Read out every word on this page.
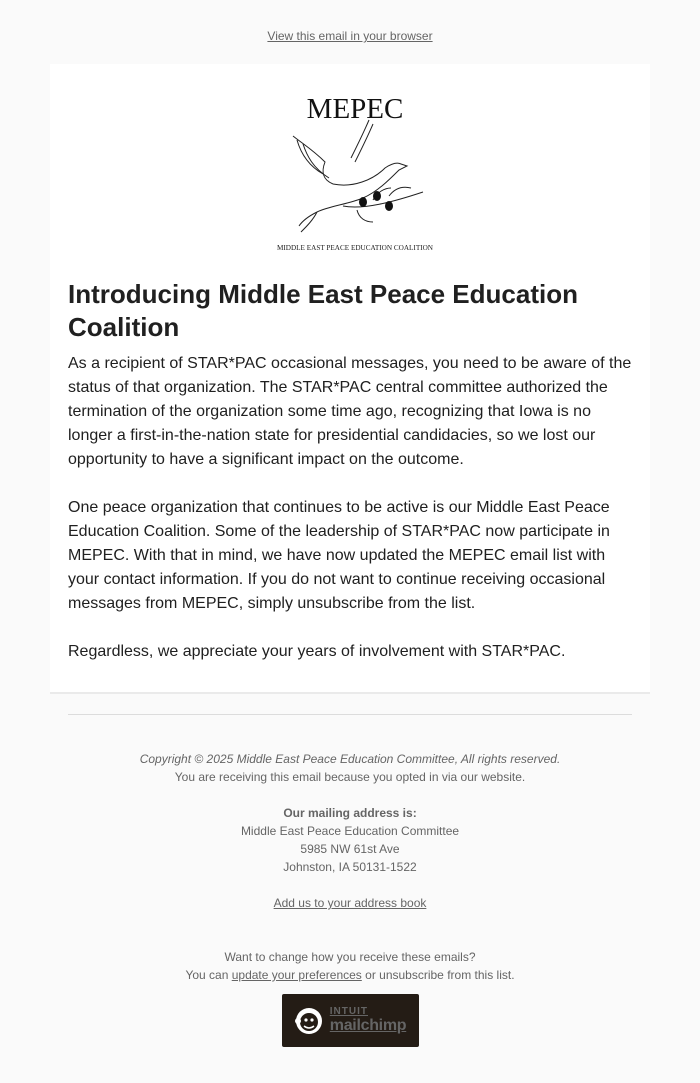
View this email in your browser
MEPEC
MIDDLE EAST PEACE EDUCATION COALITION
Introducing Middle East Peace Education Coalition

As a recipient of STAR*PAC occasional messages, you need to be aware of the status of that organization. The STAR*PAC central committee authorized the termination of the organization some time ago, recognizing that Iowa is no longer a first-in-the-nation state for presidential candidacies, so we lost our opportunity to have a significant impact on the outcome.

One peace organization that continues to be active is our Middle East Peace Education Coalition. Some of the leadership of STAR*PAC now participate in MEPEC. With that in mind, we have now updated the MEPEC email list with your contact information. If you do not want to continue receiving occasional messages from MEPEC, simply unsubscribe from the list.

Regardless, we appreciate your years of involvement with STAR*PAC.

Copyright © 2025 Middle East Peace Education Committee, All rights reserved.
You are receiving this email because you opted in via our website.
Our mailing address is:
Middle East Peace Education Committee
5985 NW 61st Ave
Johnston, IA 50131-1522
Add us to your address book
Want to change how you receive these emails?
You can update your preferences or unsubscribe from this list.
INTUIT
mailchimp
